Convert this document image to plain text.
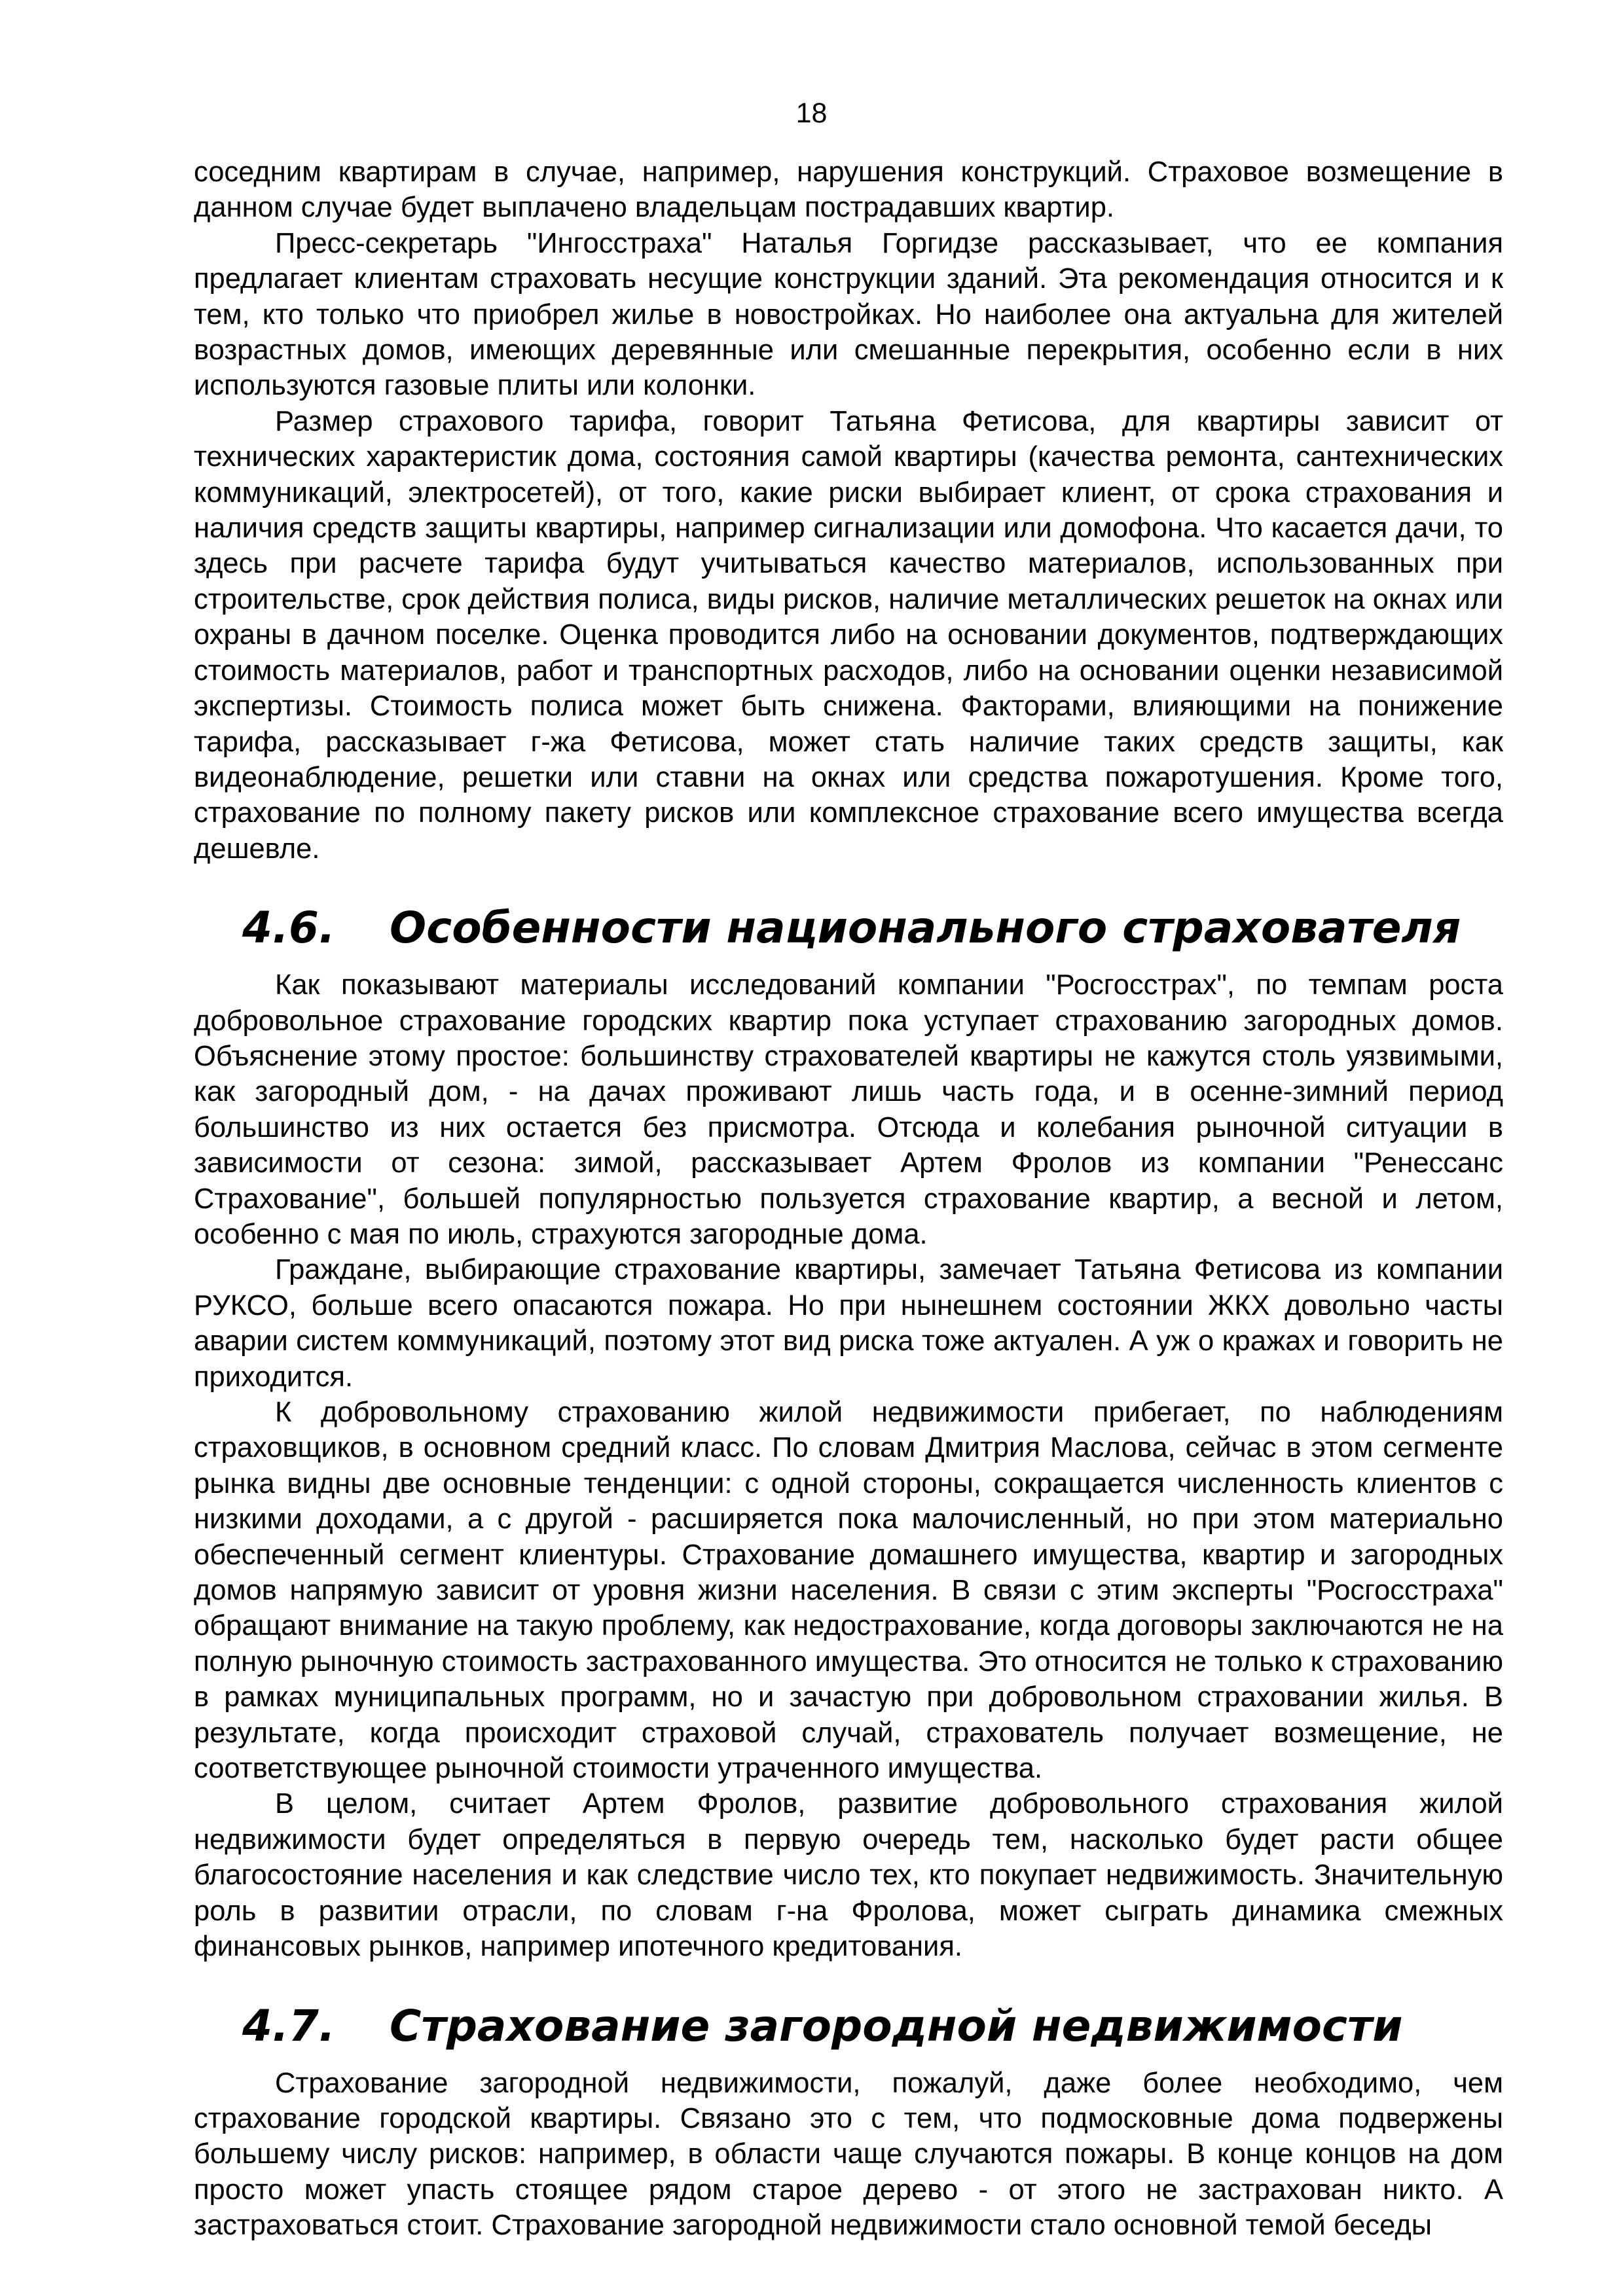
18

соседним квартирам в случае, например, нарушения конструкций. Страховое возмещение в данном случае будет выплачено владельцам пострадавших квартир.

Пресс-секретарь "Ингосстраха" Наталья Горгидзе рассказывает, что ее компания предлагает клиентам страховать несущие конструкции зданий. Эта рекомендация относится и к тем, кто только что приобрел жилье в новостройках. Но наиболее она актуальна для жителей возрастных домов, имеющих деревянные или смешанные перекрытия, особенно если в них используются газовые плиты или колонки.

Размер страхового тарифа, говорит Татьяна Фетисова, для квартиры зависит от технических характеристик дома, состояния самой квартиры (качества ремонта, сантехнических коммуникаций, электросетей), от того, какие риски выбирает клиент, от срока страхования и наличия средств защиты квартиры, например сигнализации или домофона. Что касается дачи, то здесь при расчете тарифа будут учитываться качество материалов, использованных при строительстве, срок действия полиса, виды рисков, наличие металлических решеток на окнах или охраны в дачном поселке. Оценка проводится либо на основании документов, подтверждающих стоимость материалов, работ и транспортных расходов, либо на основании оценки независимой экспертизы. Стоимость полиса может быть снижена. Факторами, влияющими на понижение тарифа, рассказывает г-жа Фетисова, может стать наличие таких средств защиты, как видеонаблюдение, решетки или ставни на окнах или средства пожаротушения. Кроме того, страхование по полному пакету рисков или комплексное страхование всего имущества всегда дешевле.

4.6. Особенности национального страхователя

Как показывают материалы исследований компании "Росгосстрах", по темпам роста добровольное страхование городских квартир пока уступает страхованию загородных домов. Объяснение этому простое: большинству страхователей квартиры не кажутся столь уязвимыми, как загородный дом, - на дачах проживают лишь часть года, и в осенне-зимний период большинство из них остается без присмотра. Отсюда и колебания рыночной ситуации в зависимости от сезона: зимой, рассказывает Артем Фролов из компании "Ренессанс Страхование", большей популярностью пользуется страхование квартир, а весной и летом, особенно с мая по июль, страхуются загородные дома.

Граждане, выбирающие страхование квартиры, замечает Татьяна Фетисова из компании РУКСО, больше всего опасаются пожара. Но при нынешнем состоянии ЖКХ довольно часты аварии систем коммуникаций, поэтому этот вид риска тоже актуален. А уж о кражах и говорить не приходится.

К добровольному страхованию жилой недвижимости прибегает, по наблюдениям страховщиков, в основном средний класс. По словам Дмитрия Маслова, сейчас в этом сегменте рынка видны две основные тенденции: с одной стороны, сокращается численность клиентов с низкими доходами, а с другой - расширяется пока малочисленный, но при этом материально обеспеченный сегмент клиентуры. Страхование домашнего имущества, квартир и загородных домов напрямую зависит от уровня жизни населения. В связи с этим эксперты "Росгосстраха" обращают внимание на такую проблему, как недострахование, когда договоры заключаются не на полную рыночную стоимость застрахованного имущества. Это относится не только к страхованию в рамках муниципальных программ, но и зачастую при добровольном страховании жилья. В результате, когда происходит страховой случай, страхователь получает возмещение, не соответствующее рыночной стоимости утраченного имущества.

В целом, считает Артем Фролов, развитие добровольного страхования жилой недвижимости будет определяться в первую очередь тем, насколько будет расти общее благосостояние населения и как следствие число тех, кто покупает недвижимость. Значительную роль в развитии отрасли, по словам г-на Фролова, может сыграть динамика смежных финансовых рынков, например ипотечного кредитования.

4.7. Страхование загородной недвижимости

Страхование загородной недвижимости, пожалуй, даже более необходимо, чем страхование городской квартиры. Связано это с тем, что подмосковные дома подвержены большему числу рисков: например, в области чаще случаются пожары. В конце концов на дом просто может упасть стоящее рядом старое дерево - от этого не застрахован никто. А застраховаться стоит. Страхование загородной недвижимости стало основной темой беседы
